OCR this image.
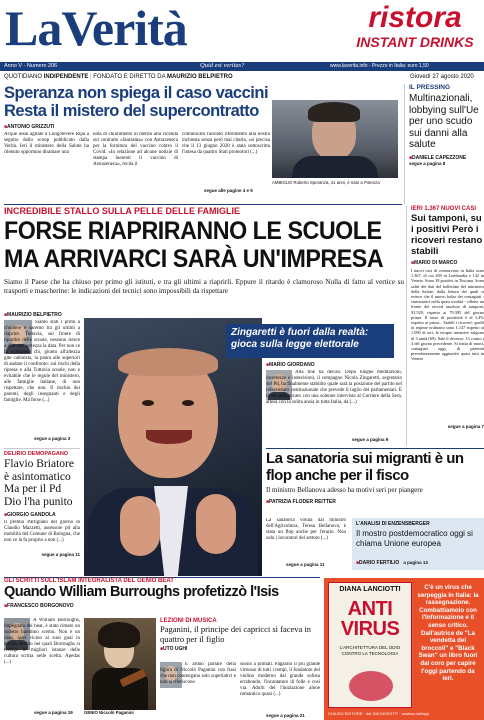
LaVerità	ristora
INSTANT DRINKS
Anno V - Numero 206	Quid est veritas?	www.laverita.info - Prezzo in Italia: euro 1,50
QUOTIDIANO INDIPENDENTE | FONDATO E DIRETTO DA MAURIZIO BELPIETRO	Giovedì 27 agosto 2020
Speranza non spiega il caso vaccini
Resta il mistero del supercontratto
■ ANTONIO GRIZZUTI
Acque assai agitate a Lungotevere Ripa a seguito dello scoop pubblicato dalla Verità. Ieri il ministero della Salute ha ritenuto opportuno diramare una
nota di chiarimento in merito alla vicenda sul contratto «fantasma» con Astrazeneca per la fornitura del vaccino contro il Covid. «In relazione ad alcune notizie di stampa inerenti il vaccino di Astrazeneca», recita il
comunicato facendo riferimento alla nostra inchiesta senza però mai citarla, «si precisa che il 13 giugno 2020 è stata sottoscritta l'intesa da quattro Stati promotori (...)
segue alle pagine 4 e 5
AMBIGUO Roberto Speranza, 41 anni, è nato a Potenza
IL PRESSING
Multinazionali, lobbying sull'Ue per uno scudo sui danni alla salute
■ DANIELE CAPEZZONE
segue a pagina 8
INCREDIBILE STALLO SULLA PELLE DELLE FAMIGLIE
FORSE RIAPRIRANNO LE SCUOLE
MA ARRIVARCI SARÀ UN'IMPRESA
Siamo il Paese che ha chiuso per primo gli istituti, e tra gli ultimi a riaprirli. Eppure il ritardo è clamoroso Nulla di fatto al vertice su trasporti e mascherine: le indicazioni dei tecnici sono impossibili da rispettare
IERI 1.367 NUOVI CASI
Sui tamponi, su i positivi Però i ricoveri restano stabili
■ MARIO DI MARCO
I nuovi casi di coronavirus in Italia sono 1.367, di cui 269 in Lombardia e 142 in Veneto. Sono 18 positivi in Toscana. Sono saliti dei dati del bollettino del ministero della Salute, dalla lettura dei quali si evince che il nuovo balzo dei contagiati - sintomatici nella quasi totalità - riflette un fronte dei record assoluto di tamponi, 93.529, rispetto ai 79.395 del giorno prima. Il tasso di positività è al 1,4% rispetto ai primi... Stabili i ricoveri: quelli in regime ordinario sono 1.147 rispetto ai 1.090 di ieri; le terapie intensive salgono di 3 unità (69). Sale il decesso: 13 contro i 4 del giorno precedente. Si tratta di morti, contagiati oggi, di pazienti precedentemente aggiuntivi quasi tutti in Veneto
segue a pagina 7
■ MAURIZIO BELPIETRO
Siamo stati i primi a chiudere e saremo tra gli ultimi a riaprire. Tuttavia, sul fronte di ripartire delle scuole, nessuno riesce a dire con certezza la data. Per non ce la scampano chi, giunto all'altezza gite cabinista, la paura alle superiori di andare il confronto: sui rischi della ripresa e alla Tuttavia scuole, non e evitabile che le regole del ministero, alle famiglie italiane, di non rispettare, che non. Il rischio dei parenti, degli insegnanti e degli famiglie. Ma forse (...)
segue a pagina 3
DELIRIO DEMOPAGANO
Flavio Briatore è asintomatico Ma per il Pd Dio l'ha punito
■ GIORGIO GANDOLA
Il premio Partigiano del giorno di Claudio Mazzetti, assessore pd alla mobilità del Comune di Bologna, che non ce la fa proprio a non (...)
segue a pagina 11
Zingaretti è fuori dalla realtà: gioca sulla legge elettorale
■ MARIO GIORDANO
Alla fine ha deciso. Dopo lunghe meditazioni, incertezze e indecisioni, il compagno Nicola Zingaretti, segretario del Pd, ha finalmente stabilito quale sarà la posizione del partito nel referendum costituzionale che prevede il taglio dei parlamentari. E lo ha comunicato con una solenne intervista al Corriere della Sera, attesa con la solita ansia in tutta Italia, da (...)
segue a pagina 9
La sanatoria sui migranti è un flop anche per il fisco
Il ministro Bellanova adesso ha motivi seri per piangere
■ PATRIZIA FLODER REITTER
La sanatoria voluta dal ministro dell'Agricoltura, Teresa Bellanova, è stata un flop anche per l'erario. Non solo i lavoratori del settore (...)
segue a pagina 11
L'ANALISI DI ENZENSBERGER
Il mostro postdemocratico oggi si chiama Unione europea
■ DARIO FERTILIO a pagina 13
GLI SCRITTI SULL'ISLAM INTEGRALISTA DEL GENIO BEAT
Quando William Burroughs profetizzò l'Isis
■ FRANCESCO BORGONOVO
A William Burroughs, impegnata dei beat, è stato rimato un sudetto bambino scemo. Non è un caso, quel vicino ai suoi guai in questo ambito nei quali Burroughs si rivolge le migliori istanze delle cultura scritta nelle scelta. Apedas (...)
segue a pagina 19	GENIO Niccolò Paganini
LEZIONI DI MUSICA
Paganini, il principe dei capricci si faceva in quattro per il figlio
■ UTO UGHI
È arduo parlare della figura di Niccolò Paganini con frasi che non contengano solo superlativi e non si riferiscono
suono a primati. Paganini il più grande virtuoso di tutti i tempi, il fondatore del violino moderno dal grande solista errabondo, l'incantatore di folle e così via. Adulti del l'iniziazione alone romantico quasi (...)
segue a pagina 21
DIANA LANCIOTTI
ANTI VIRUS
L'ARCHITETTURA DEL ODIO CONTRO LA TECNOLOGIA
C'è un virus che serpeggia in Italia: la rassegnazione. Combattiamolo con l'Informazione e il senso critico. Dall'autrice de "La vendetta dei broccoli" e "Black Swan" un libro fuori dal coro per capire l'oggi partendo da ieri.
CHIUSO EDITORE · dal 300 INVESTIT · scarica dall'app
